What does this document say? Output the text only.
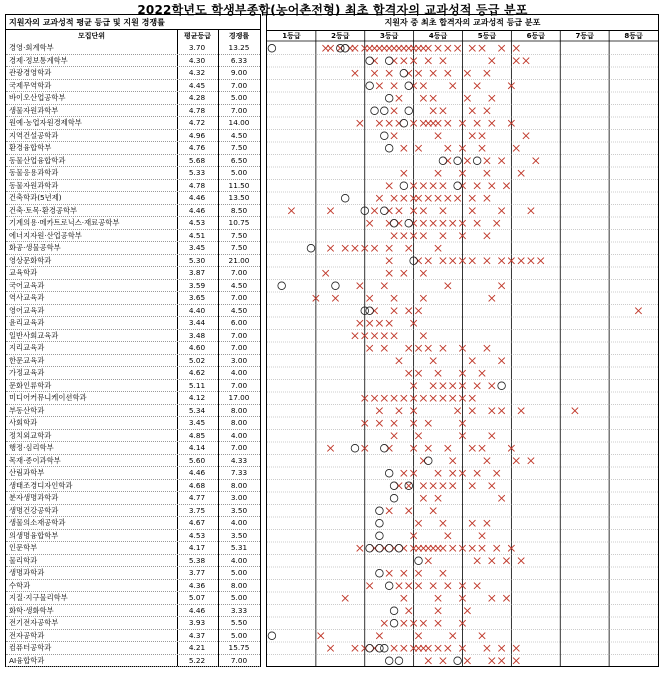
2022학년도 학생부종합(농어촌전형) 최초 합격자의 교과성적 등급 분포
지원자의 교과성적 평균 등급 및 지원 경쟁률
모집단위	평균등급	경쟁률
경영·회계학부	3.70	13.25
경제·정보통계학부	4.30	6.33
관광경영학과	4.32	9.00
국제무역학과	4.45	7.00
바이오산업공학부	4.28	5.00
생물자원과학부	4.78	7.00
원예·농업자원경제학부	4.72	14.00
지역건설공학과	4.96	4.50
환경융합학부	4.76	7.50
동물산업융합학과	5.68	6.50
동물응용과학과	5.33	5.00
동물자원과학과	4.78	11.50
건축학과(5년제)	4.46	13.50
건축·토목·환경공학부	4.46	8.50
기계의용·메카트로닉스·재료공학부	4.53	10.75
에너지자원·산업공학부	4.51	7.50
화공·생물공학부	3.45	7.50
영상문화학과	5.30	21.00
교육학과	3.87	7.00
국어교육과	3.59	4.50
역사교육과	3.65	7.00
영어교육과	4.40	4.50
윤리교육과	3.44	6.00
일반사회교육과	3.48	7.00
지리교육과	4.60	7.00
한문교육과	5.02	3.00
가정교육과	4.62	4.00
문화인류학과	5.11	7.00
미디어커뮤니케이션학과	4.12	17.00
부동산학과	5.34	8.00
사회학과	3.45	8.00
정치외교학과	4.85	4.00
행정·심리학부	4.14	7.00
목재·종이과학부	5.60	4.33
산림과학부	4.46	7.33
생태조경디자인학과	4.68	8.00
분자생명과학과	4.77	3.00
생명건강공학과	3.75	3.50
생물의소재공학과	4.67	4.00
의생명융합학부	4.53	3.50
인문학부	4.17	5.31
물리학과	5.38	4.00
생명과학과	3.77	5.00
수학과	4.36	8.00
지질·지구물리학부	5.07	5.00
화학·생화학부	4.46	3.33
전기전자공학부	3.93	5.50
전자공학과	4.37	5.00
컴퓨터공학과	4.21	15.75
AI융합학과	5.22	7.00
지원자 중 최초 합격자의 교과성적 등급 분포
1등급	2등급	3등급	4등급	5등급	6등급	7등급	8등급
